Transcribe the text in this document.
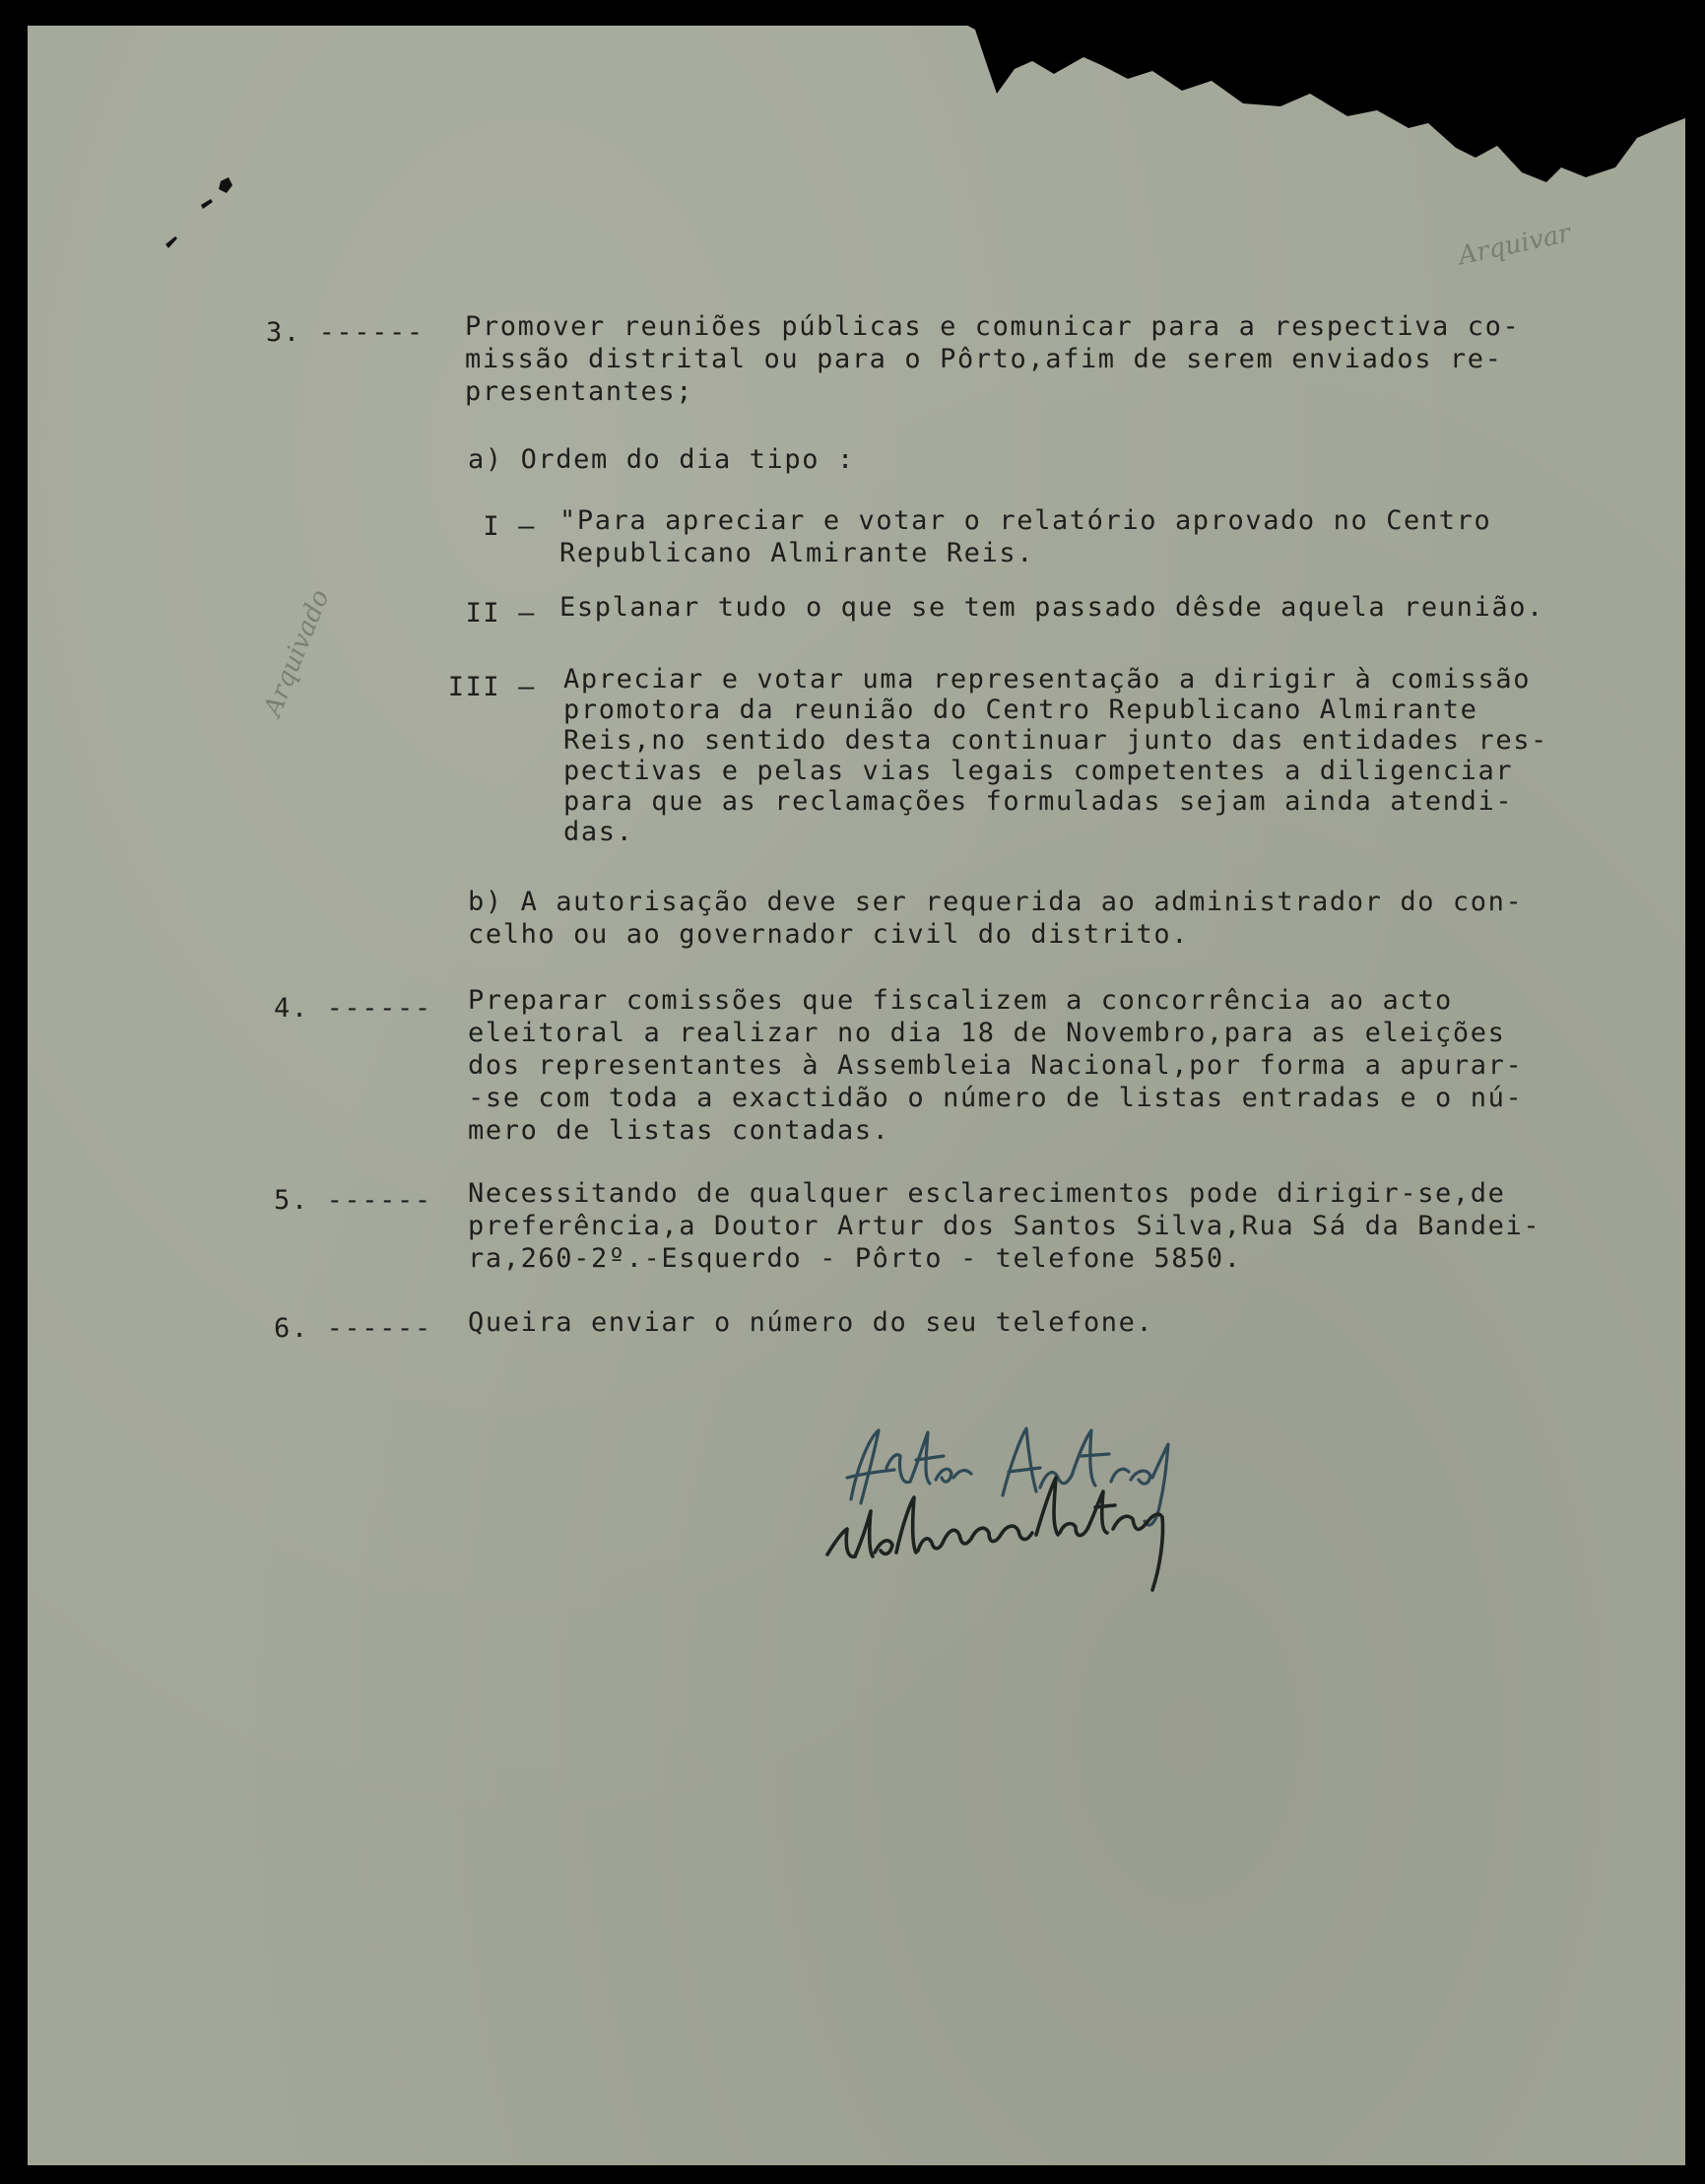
Arquivar
Arquivado
3. ------ Promover reuniões públicas e comunicar para a respectiva co-
missão distrital ou para o Pôrto,afim de serem enviados re-
presentantes;
a) Ordem do dia tipo :
I — "Para apreciar e votar o relatório aprovado no Centro
Republicano Almirante Reis.
II — Esplanar tudo o que se tem passado dêsde aquela reunião.
III — Apreciar e votar uma representação a dirigir à comissão
promotora da reunião do Centro Republicano Almirante
Reis,no sentido desta continuar junto das entidades res-
pectivas e pelas vias legais competentes a diligenciar
para que as reclamações formuladas sejam ainda atendi-
das.
b) A autorisação deve ser requerida ao administrador do con-
celho ou ao governador civil do distrito.
4. ------ Preparar comissões que fiscalizem a concorrência ao acto
eleitoral a realizar no dia 18 de Novembro,para as eleições
dos representantes à Assembleia Nacional,por forma a apurar-
-se com toda a exactidão o número de listas entradas e o nú-
mero de listas contadas.
5. ------ Necessitando de qualquer esclarecimentos pode dirigir-se,de
preferência,a Doutor Artur dos Santos Silva,Rua Sá da Bandei-
ra,260-2º.-Esquerdo - Pôrto - telefone 5850.
6. ------ Queira enviar o número do seu telefone.
